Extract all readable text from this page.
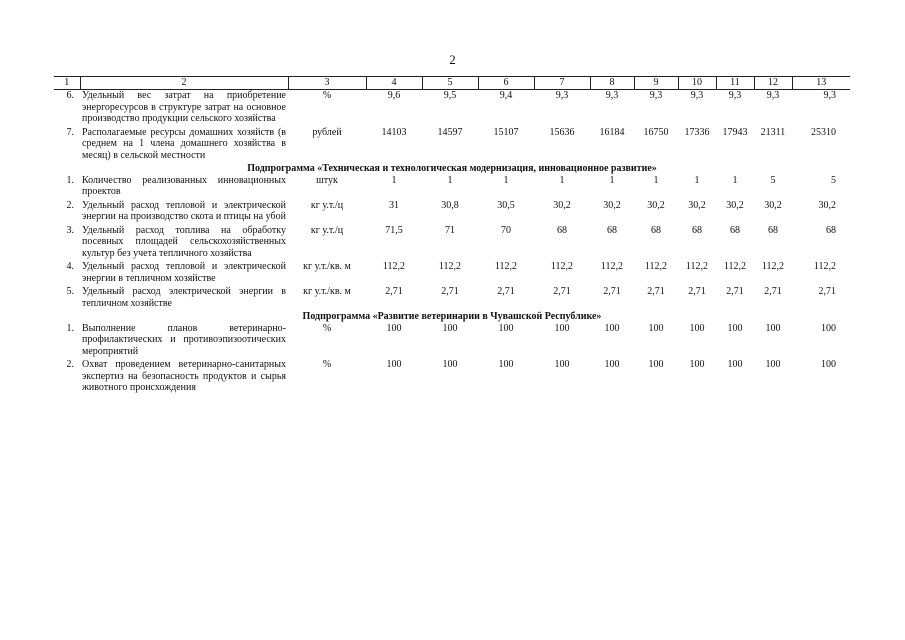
2
1	2	3	4	5	6	7	8	9	10	11	12	13
6.	Удельный вес затрат на приобретение энергоресурсов в структуре затрат на основное производство продукции сельского хозяйства	%	9,6	9,5	9,4	9,3	9,3	9,3	9,3	9,3	9,3	9,3

7.	Располагаемые ресурсы домашних хозяйств (в среднем на 1 члена домашнего хозяйства в месяц) в сельской местности	рублей	14103	14597	15107	15636	16184	16750	17336	17943	21311	25310

Подпрограмма «Техническая и технологическая модернизация, инновационное развитие»												
1.	Количество реализованных инновационных проектов	штук	1	1	1	1	1	1	1	1	5	5

2.	Удельный расход тепловой и электрической энергии на производство скота и птицы на убой	кг у.т./ц	31	30,8	30,5	30,2	30,2	30,2	30,2	30,2	30,2	30,2

3.	Удельный расход топлива на обработку посевных площадей сельскохозяйственных культур без учета тепличного хозяйства	кг у.т./ц	71,5	71	70	68	68	68	68	68	68	68

4.	Удельный расход тепловой и электрической энергии в тепличном хозяйстве	кг у.т./кв. м	112,2	112,2	112,2	112,2	112,2	112,2	112,2	112,2	112,2	112,2

5.	Удельный расход электрической энергии в тепличном хозяйстве	кг у.т./кв. м	2,71	2,71	2,71	2,71	2,71	2,71	2,71	2,71	2,71	2,71

Подпрограмма «Развитие ветеринарии в Чувашской Республике»												
1.	Выполнение планов ветеринарно-профилактических и противоэпизоотических мероприятий	%	100	100	100	100	100	100	100	100	100	100

2.	Охват проведением ветеринарно-санитарных экспертиз на безопасность продуктов и сырья животного происхождения	%	100	100	100	100	100	100	100	100	100	100
